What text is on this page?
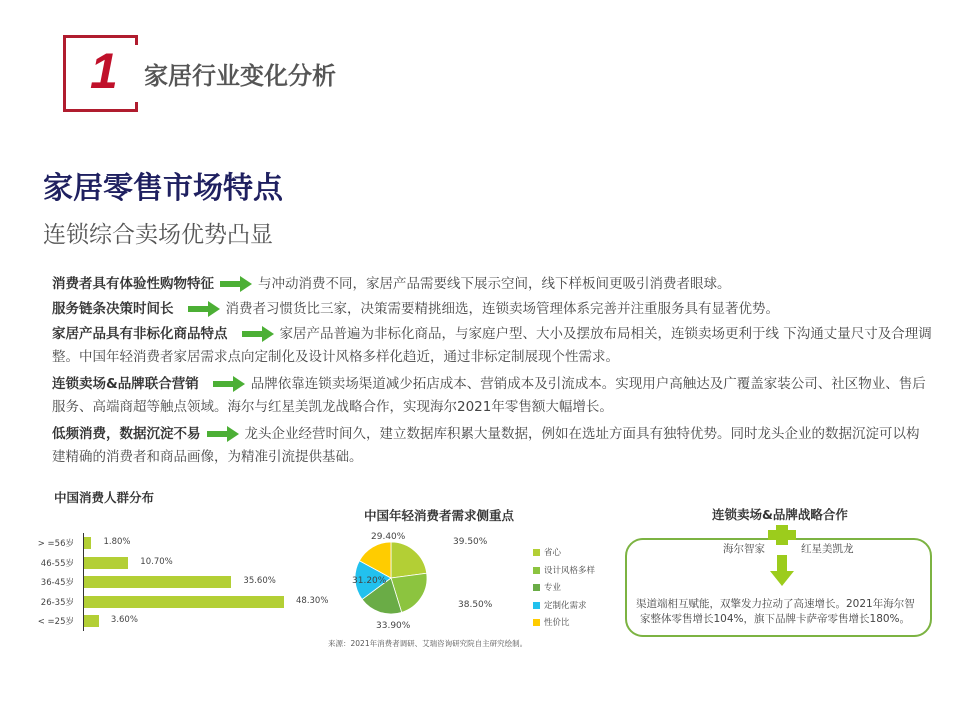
1 家居行业变化分析
家居零售市场特点
连锁综合卖场优势凸显
消费者具有体验性购物特征	与冲动消费不同，家居产品需要线下展示空间，线下样板间更吸引消费者眼球。
服务链条决策时间长	消费者习惯货比三家，决策需要精挑细选，连锁卖场管理体系完善并注重服务具有显著优势。
家居产品具有非标化商品特点	家居产品普遍为非标化商品，与家庭户型、大小及摆放布局相关，连锁卖场更利于线 下沟通丈量尺寸及合理调整。中国年轻消费者家居需求点向定制化及设计风格多样化趋近，通过非标定制展现个性需求。
连锁卖场&品牌联合营销	品牌依靠连锁卖场渠道减少拓店成本、营销成本及引流成本。实现用户高触达及广覆盖家装公司、社区物业、售后服务、高端商超等触点领域。海尔与红星美凯龙战略合作，实现海尔2021年零售额大幅增长。
低频消费，数据沉淀不易	龙头企业经营时间久，建立数据库积累大量数据，例如在选址方面具有独特优势。同时龙头企业的数据沉淀可以构建精确的消费者和商品画像，为精准引流提供基础。
中国消费人群分布
> =56岁	1.80%
46-55岁	10.70%
36-45岁	35.60%
26-35岁	48.30%
< =25岁	3.60%
中国年轻消费者需求侧重点
29.40%	39.50%
38.50%
33.90%
31.20%
省心
设计风格多样
专业
定制化需求
性价比
连锁卖场&品牌战略合作
海尔智家	红星美凯龙
渠道端相互赋能，双擎发力拉动了高速增长。2021年海尔智
家整体零售增长104%，旗下品牌卡萨帝零售增长180%。
来源：2021年消费者调研、艾瑞咨询研究院自主研究绘制。
